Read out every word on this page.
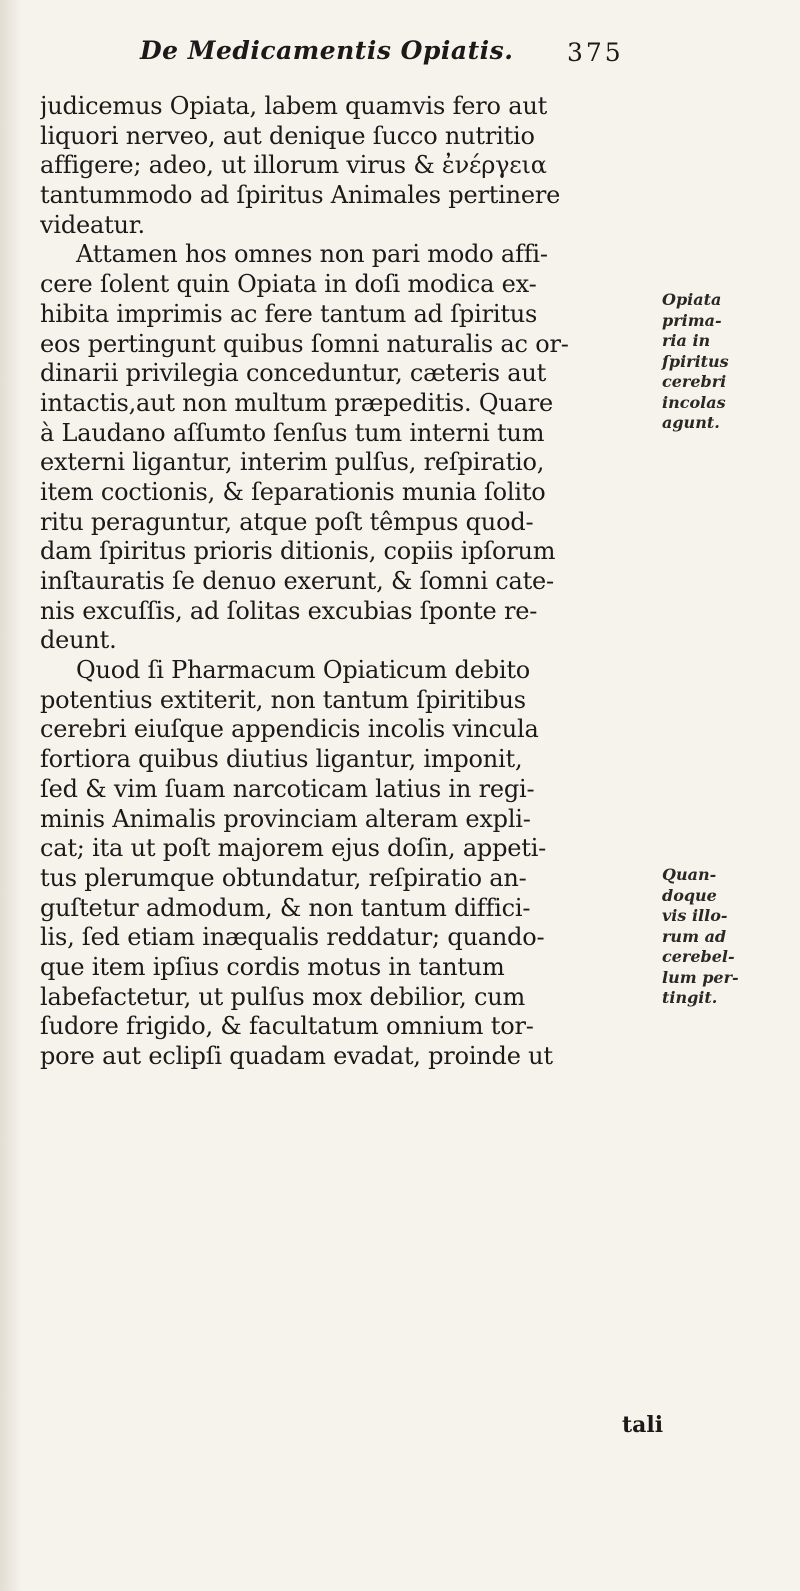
De Medicamentis Opiatis. 375
judicemus Opiata, labem quamvis fero aut
liquori nerveo, aut denique ſucco nutritio
affigere; adeo, ut illorum virus & ἐνέργεια
tantummodo ad ſpiritus Animales pertinere
videatur.
Attamen hos omnes non pari modo affi-
cere ſolent quin Opiata in doſi modica ex-
hibita imprimis ac fere tantum ad ſpiritus
eos pertingunt quibus ſomni naturalis ac or-
dinarii privilegia conceduntur, cæteris aut
intactis,aut non multum præpeditis. Quare
à Laudano aſſumto ſenſus tum interni tum
externi ligantur, interim pulſus, reſpiratio,
item coctionis, & ſeparationis munia ſolito
ritu peraguntur, atque poſt têmpus quod-
dam ſpiritus prioris ditionis, copiis ipſorum
inſtauratis ſe denuo exerunt, & ſomni cate-
nis excuſſis, ad ſolitas excubias ſponte re-
deunt.
Quod ſi Pharmacum Opiaticum debito
potentius extiterit, non tantum ſpiritibus
cerebri eiuſque appendicis incolis vincula
fortiora quibus diutius ligantur, imponit,
ſed & vim ſuam narcoticam latius in regi-
minis Animalis provinciam alteram expli-
cat; ita ut poſt majorem ejus doſin, appeti-
tus plerumque obtundatur, reſpiratio an-
guſtetur admodum, & non tantum diffici-
lis, ſed etiam inæqualis reddatur; quando-
que item ipſius cordis motus in tantum
labefactetur, ut pulſus mox debilior, cum
ſudore frigido, & facultatum omnium tor-
pore aut eclipſi quadam evadat, proinde ut
Opiata
prima-
ria in
ſpiritus
cerebri
incolas
agunt.
Quan-
doque
vis illo-
rum ad
cerebel-
lum per-
tingit.
tali
